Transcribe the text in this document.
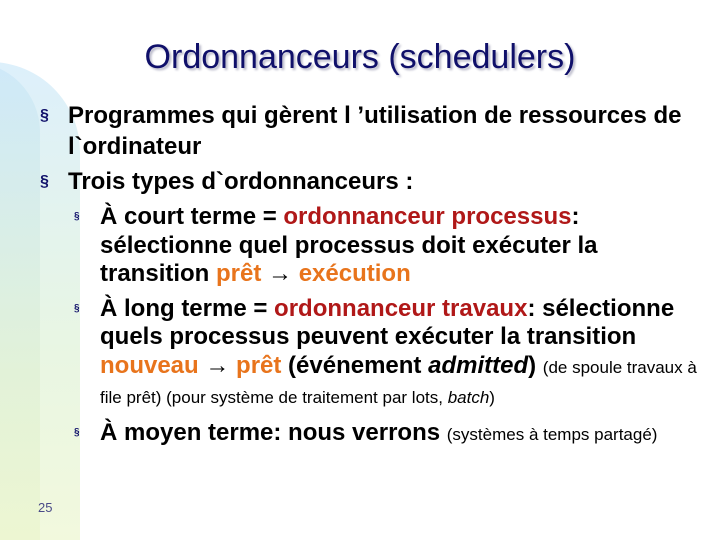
Ordonnanceurs (schedulers)
§ Programmes qui gèrent l ’utilisation de ressources de l`ordinateur
§ Trois types d`ordonnanceurs :
§ À court terme = ordonnanceur processus: sélectionne quel processus doit exécuter la transition prêt → exécution
§ À long terme = ordonnanceur travaux: sélectionne quels processus peuvent exécuter la transition nouveau → prêt (événement admitted) (de spoule travaux à file prêt) (pour système de traitement par lots, batch)
§ À moyen terme: nous verrons (systèmes à temps partagé)
25
